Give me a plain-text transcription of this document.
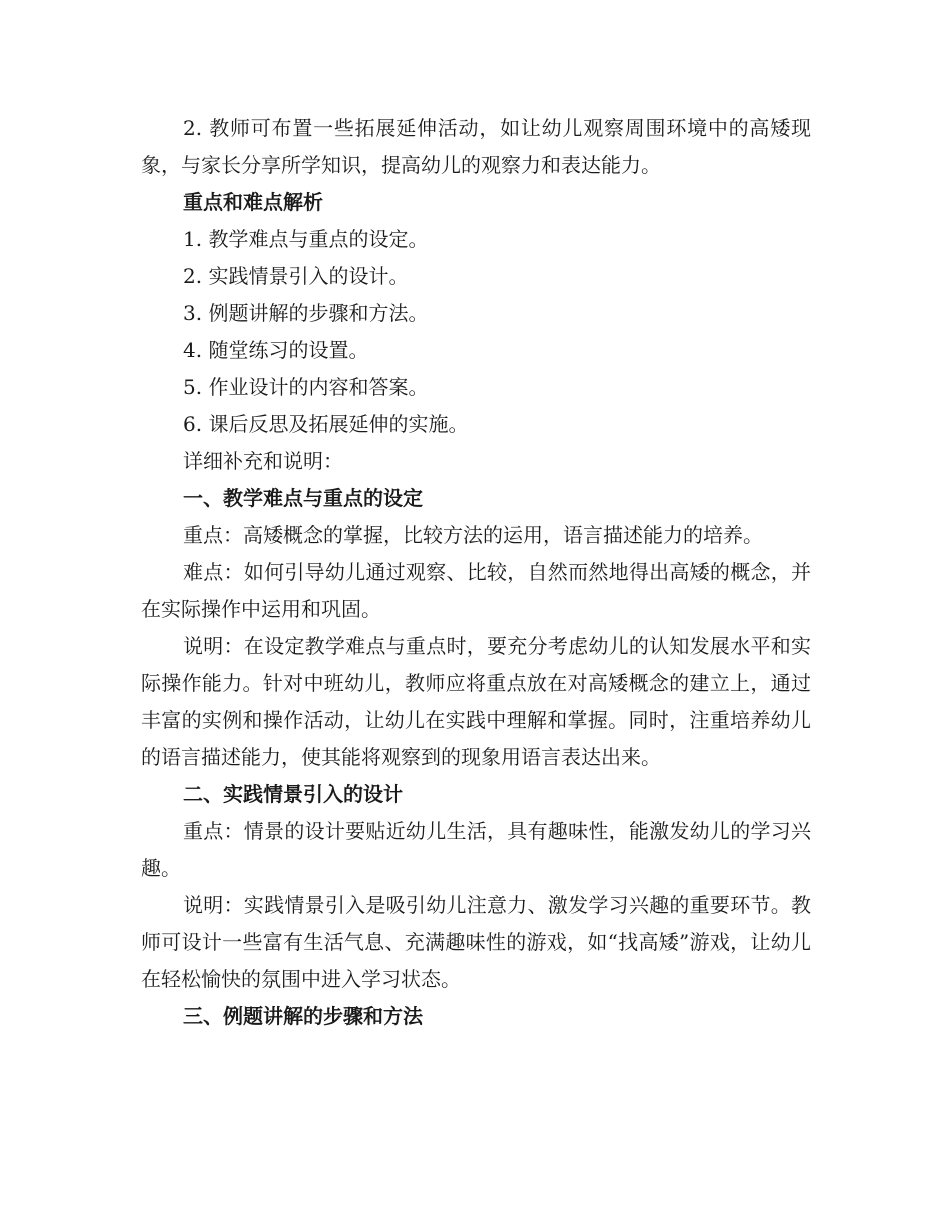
2. 教师可布置一些拓展延伸活动，如让幼儿观察周围环境中的高矮现象，与家长分享所学知识，提高幼儿的观察力和表达能力。

重点和难点解析

1. 教学难点与重点的设定。

2. 实践情景引入的设计。

3. 例题讲解的步骤和方法。

4. 随堂练习的设置。

5. 作业设计的内容和答案。

6. 课后反思及拓展延伸的实施。

详细补充和说明：

一、教学难点与重点的设定

重点：高矮概念的掌握，比较方法的运用，语言描述能力的培养。

难点：如何引导幼儿通过观察、比较，自然而然地得出高矮的概念，并在实际操作中运用和巩固。

说明：在设定教学难点与重点时，要充分考虑幼儿的认知发展水平和实际操作能力。针对中班幼儿，教师应将重点放在对高矮概念的建立上，通过丰富的实例和操作活动，让幼儿在实践中理解和掌握。同时，注重培养幼儿的语言描述能力，使其能将观察到的现象用语言表达出来。

二、实践情景引入的设计

重点：情景的设计要贴近幼儿生活，具有趣味性，能激发幼儿的学习兴趣。

说明：实践情景引入是吸引幼儿注意力、激发学习兴趣的重要环节。教师可设计一些富有生活气息、充满趣味性的游戏，如“找高矮”游戏，让幼儿在轻松愉快的氛围中进入学习状态。

三、例题讲解的步骤和方法
